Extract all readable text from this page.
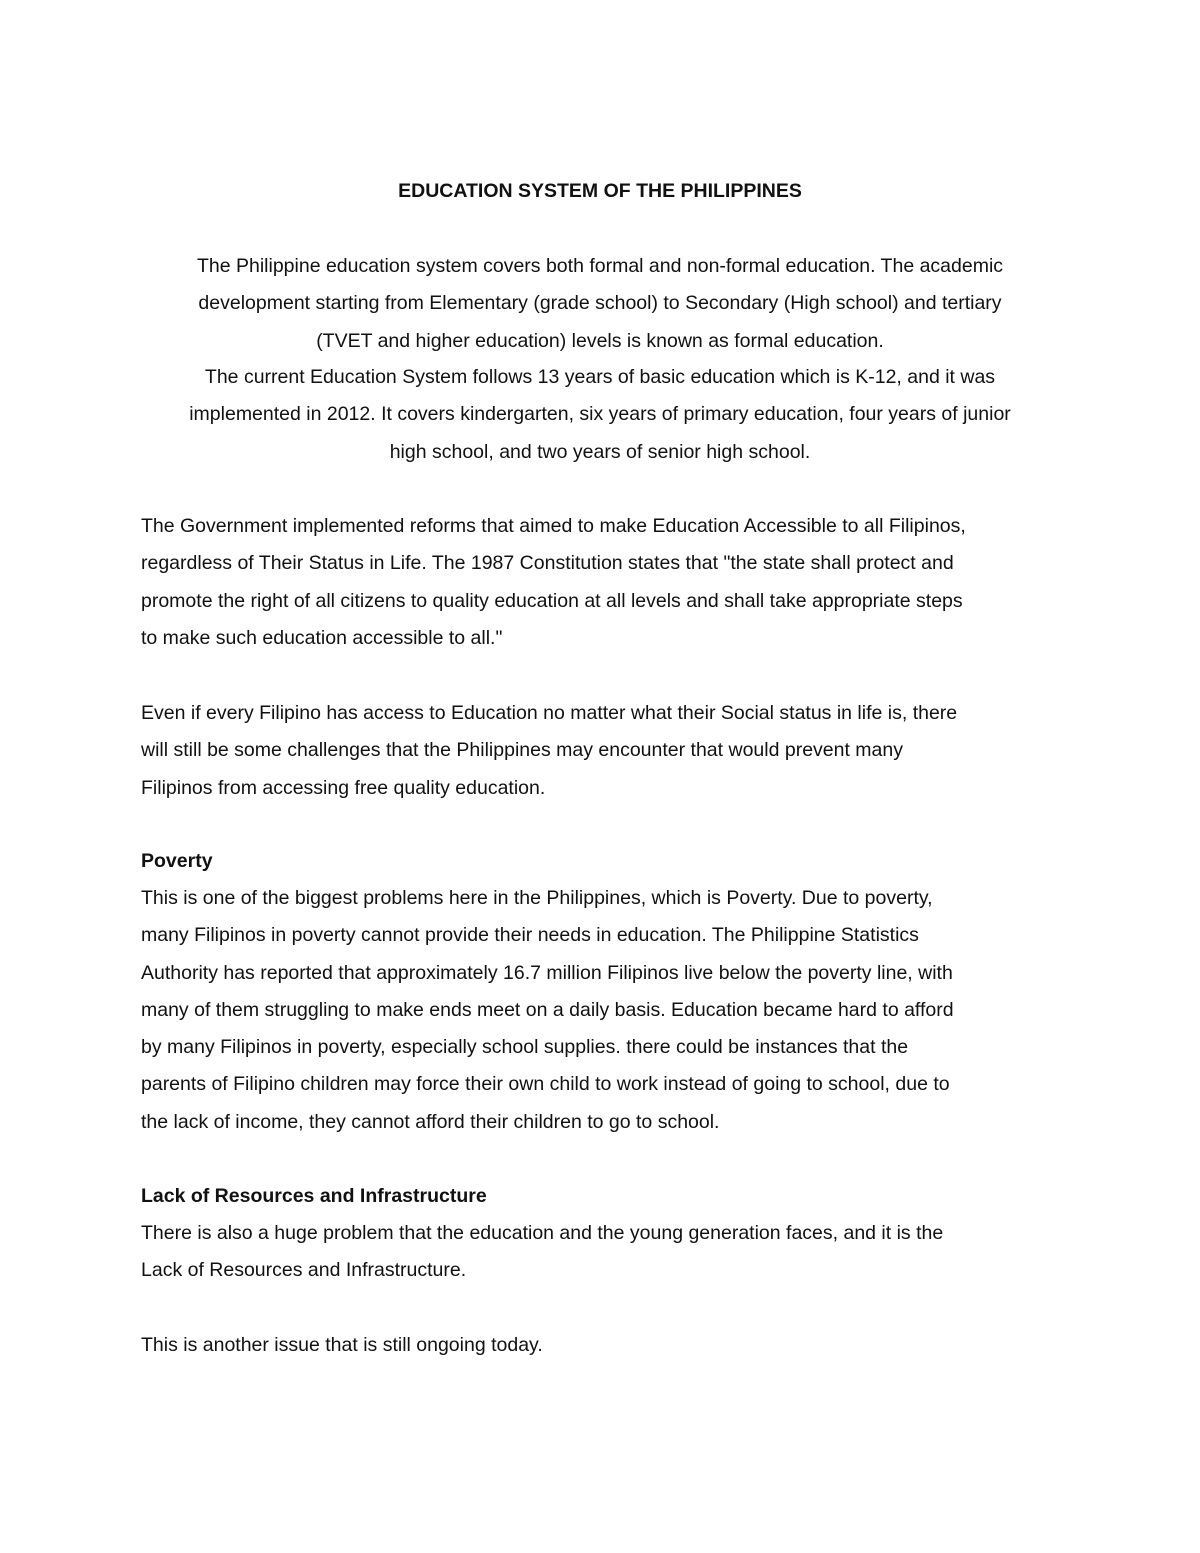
EDUCATION SYSTEM OF THE PHILIPPINES

The Philippine education system covers both formal and non-formal education. The academic
development starting from Elementary (grade school) to Secondary (High school) and tertiary
(TVET and higher education) levels is known as formal education.

The current Education System follows 13 years of basic education which is K-12, and it was
implemented in 2012. It covers kindergarten, six years of primary education, four years of junior
high school, and two years of senior high school.

The Government implemented reforms that aimed to make Education Accessible to all Filipinos,
regardless of Their Status in Life. The 1987 Constitution states that "the state shall protect and
promote the right of all citizens to quality education at all levels and shall take appropriate steps
to make such education accessible to all."

Even if every Filipino has access to Education no matter what their Social status in life is, there
will still be some challenges that the Philippines may encounter that would prevent many
Filipinos from accessing free quality education.

Poverty

This is one of the biggest problems here in the Philippines, which is Poverty. Due to poverty,
many Filipinos in poverty cannot provide their needs in education. The Philippine Statistics
Authority has reported that approximately 16.7 million Filipinos live below the poverty line, with
many of them struggling to make ends meet on a daily basis. Education became hard to afford
by many Filipinos in poverty, especially school supplies. there could be instances that the
parents of Filipino children may force their own child to work instead of going to school, due to
the lack of income, they cannot afford their children to go to school.

Lack of Resources and Infrastructure

There is also a huge problem that the education and the young generation faces, and it is the
Lack of Resources and Infrastructure.

This is another issue that is still ongoing today.
